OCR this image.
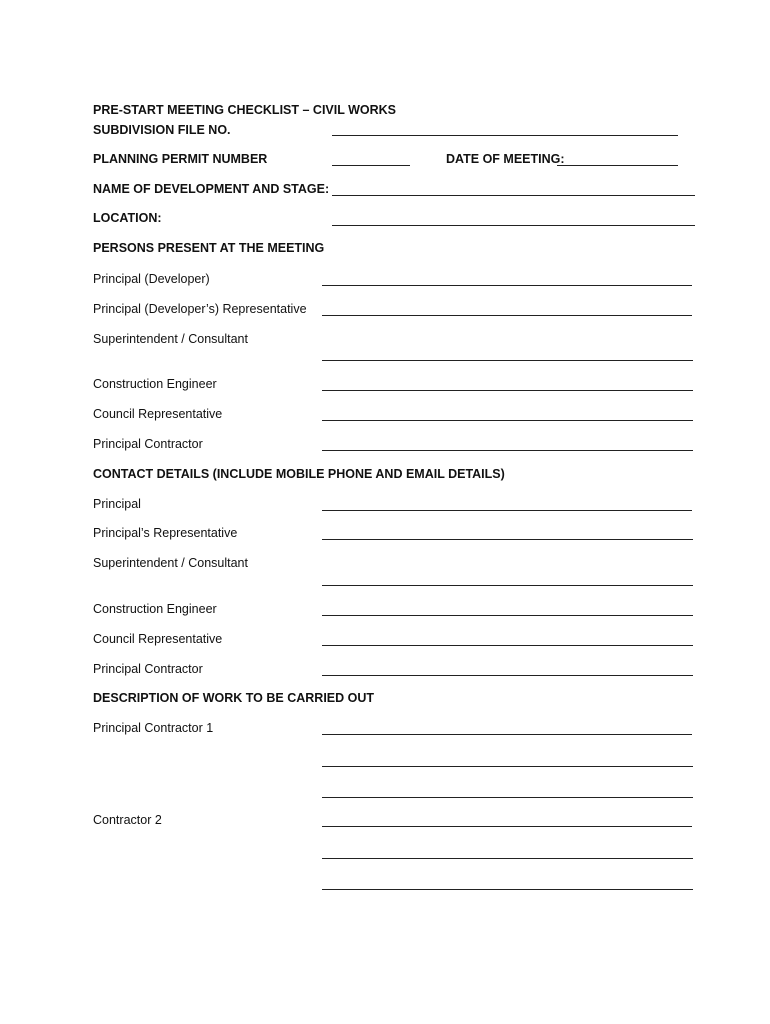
PRE-START MEETING CHECKLIST – CIVIL WORKS
SUBDIVISION FILE NO.
PLANNING PERMIT NUMBER	DATE OF MEETING:
NAME OF DEVELOPMENT AND STAGE:
LOCATION:
PERSONS PRESENT AT THE MEETING
Principal (Developer)
Principal (Developer’s) Representative
Superintendent / Consultant
Construction Engineer
Council Representative
Principal Contractor
CONTACT DETAILS (INCLUDE MOBILE PHONE AND EMAIL DETAILS)
Principal
Principal’s Representative
Superintendent / Consultant
Construction Engineer
Council Representative
Principal Contractor
DESCRIPTION OF WORK TO BE CARRIED OUT
Principal Contractor 1
Contractor 2
